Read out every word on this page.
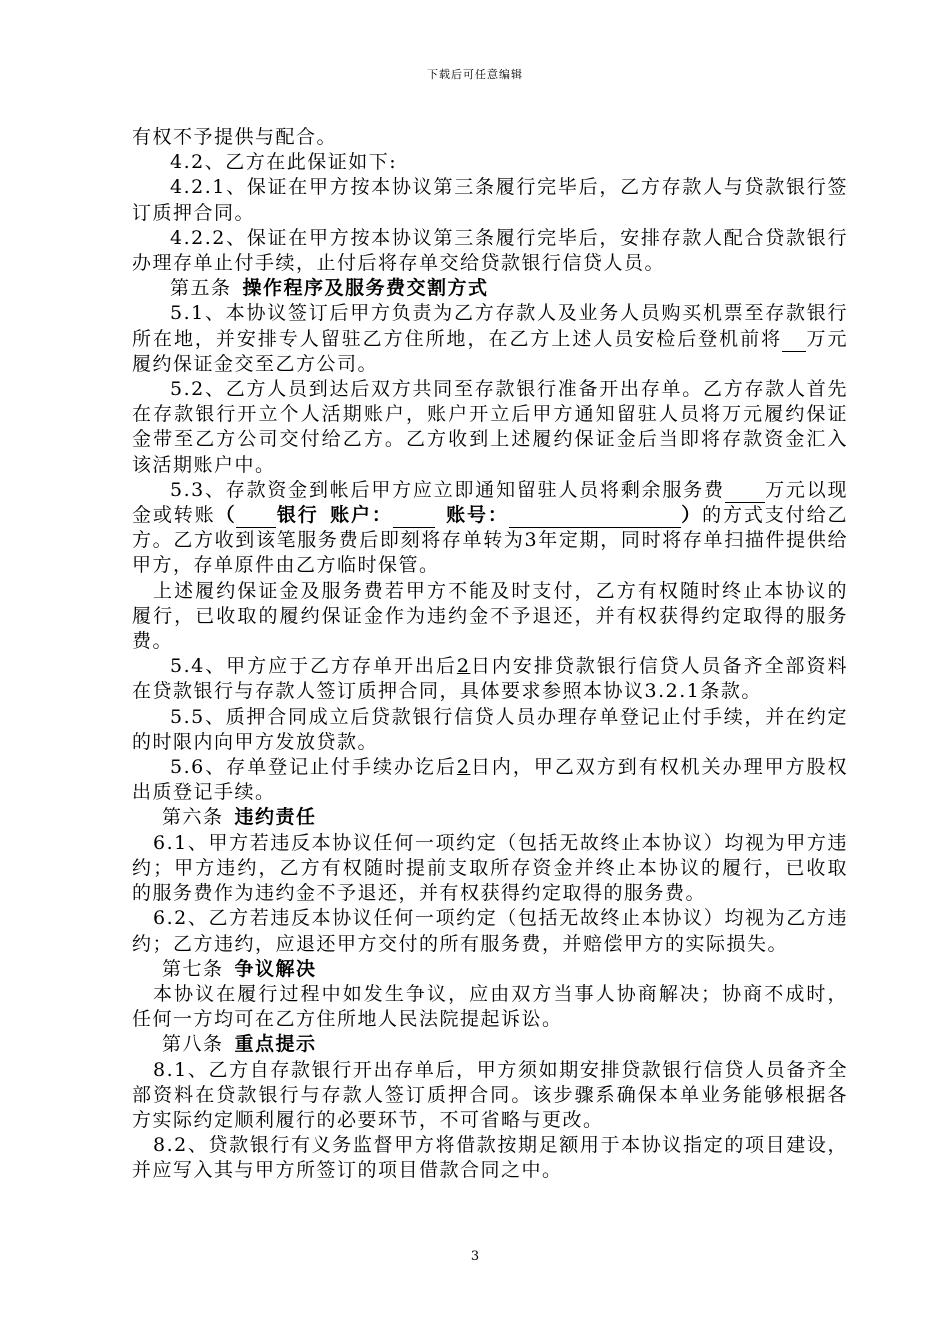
下载后可任意编辑

有权不予提供与配合。

4.2、乙方在此保证如下:

4.2.1、保证在甲方按本协议第三条履行完毕后，乙方存款人与贷款银行签订质押合同。

4.2.2、保证在甲方按本协议第三条履行完毕后，安排存款人配合贷款银行办理存单止付手续，止付后将存单交给贷款银行信贷人员。

第五条  操作程序及服务费交割方式

5.1、本协议签订后甲方负责为乙方存款人及业务人员购买机票至存款银行所在地，并安排专人留驻乙方住所地，在乙方上述人员安检后登机前将 万元履约保证金交至乙方公司。

5.2、乙方人员到达后双方共同至存款银行准备开出存单。乙方存款人首先在存款银行开立个人活期账户，账户开立后甲方通知留驻人员将万元履约保证金带至乙方公司交付给乙方。乙方收到上述履约保证金后当即将存款资金汇入该活期账户中。

5.3、存款资金到帐后甲方应立即通知留驻人员将剩余服务费 万元以现金或转账（ 银行  账户： 	账号：	）的方式支付给乙方。乙方收到该笔服务费后即刻将存单转为3年定期，同时将存单扫描件提供给甲方，存单原件由乙方临时保管。

上述履约保证金及服务费若甲方不能及时支付，乙方有权随时终止本协议的履行，已收取的履约保证金作为违约金不予退还，并有权获得约定取得的服务费。

5.4、甲方应于乙方存单开出后2日内安排贷款银行信贷人员备齐全部资料在贷款银行与存款人签订质押合同，具体要求参照本协议3.2.1条款。

5.5、质押合同成立后贷款银行信贷人员办理存单登记止付手续，并在约定的时限内向甲方发放贷款。

5.6、存单登记止付手续办讫后2日内，甲乙双方到有权机关办理甲方股权出质登记手续。

第六条  违约责任

6.1、甲方若违反本协议任何一项约定（包括无故终止本协议）均视为甲方违约；甲方违约，乙方有权随时提前支取所存资金并终止本协议的履行，已收取的服务费作为违约金不予退还，并有权获得约定取得的服务费。

6.2、乙方若违反本协议任何一项约定（包括无故终止本协议）均视为乙方违约；乙方违约，应退还甲方交付的所有服务费，并赔偿甲方的实际损失。

第七条  争议解决

本协议在履行过程中如发生争议，应由双方当事人协商解决；协商不成时，任何一方均可在乙方住所地人民法院提起诉讼。

第八条  重点提示

8.1、乙方自存款银行开出存单后，甲方须如期安排贷款银行信贷人员备齐全部资料在贷款银行与存款人签订质押合同。该步骤系确保本单业务能够根据各方实际约定顺利履行的必要环节，不可省略与更改。

8.2、贷款银行有义务监督甲方将借款按期足额用于本协议指定的项目建设，并应写入其与甲方所签订的项目借款合同之中。

3
